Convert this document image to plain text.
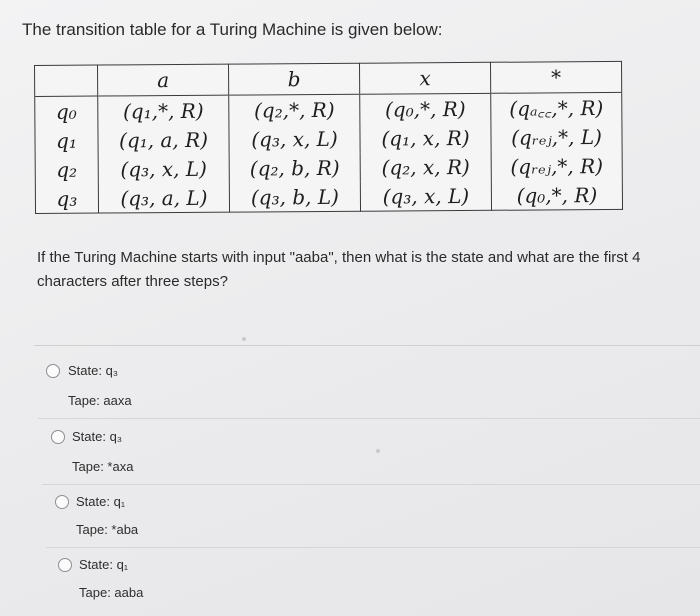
The transition table for a Turing Machine is given below:
	a	b	x	*
q₀	(q₁,*, R)	(q₂,*, R)	(q₀,*, R)	(qₐ꜀꜀,*, R)
q₁	(q₁, a, R)	(q₃, x, L)	(q₁, x, R)	(qᵣₑⱼ,*, L)
q₂	(q₃, x, L)	(q₂, b, R)	(q₂, x, R)	(qᵣₑⱼ,*, R)
q₃	(q₃, a, L)	(q₃, b, L)	(q₃, x, L)	(q₀,*, R)
If the Turing Machine starts with input "aaba", then what is the state and what are the first 4 characters after three steps?
State: q₃
Tape: aaxa
State: q₃
Tape: *axa
State: q₁
Tape: *aba
State: q₁
Tape: aaba
